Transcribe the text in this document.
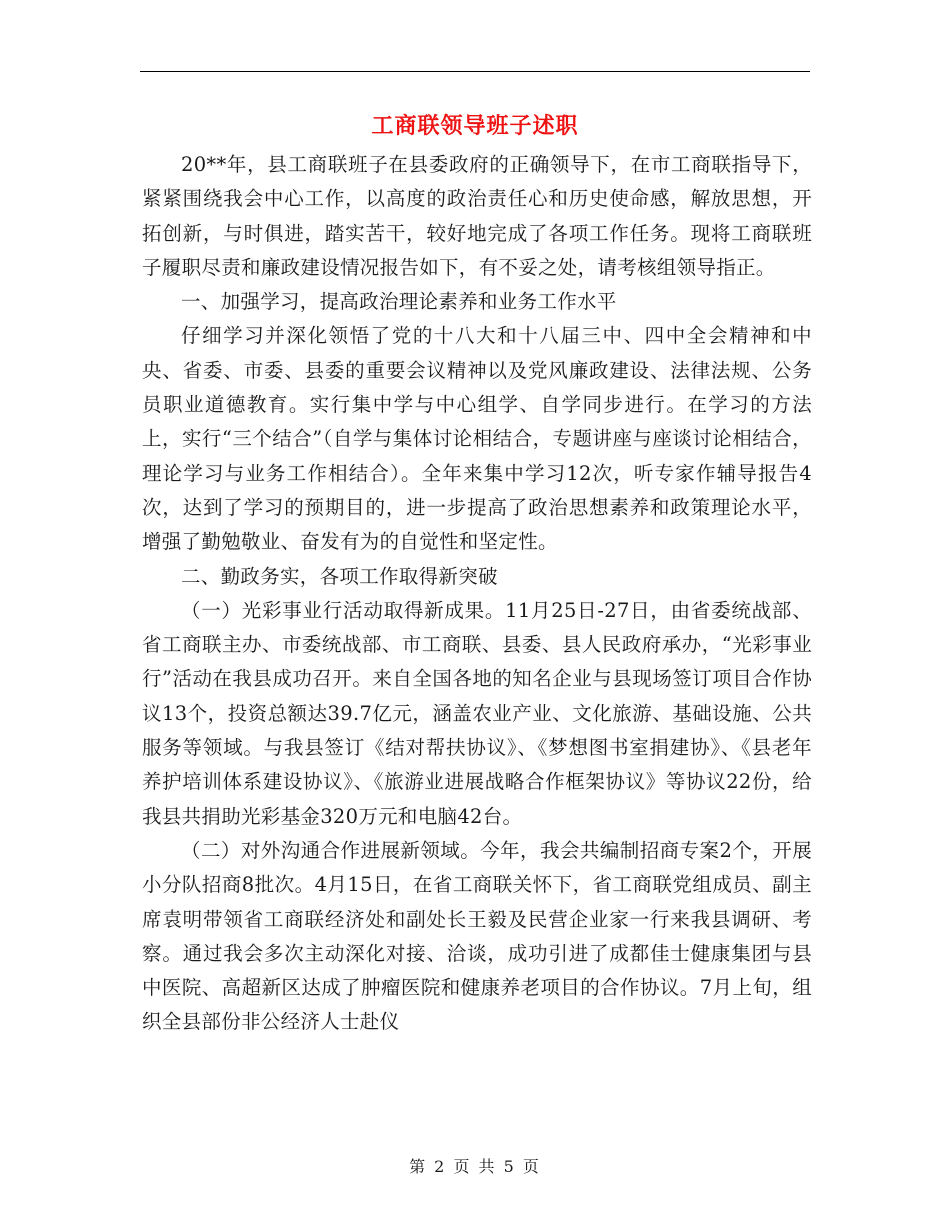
工商联领导班子述职

20**年，县工商联班子在县委政府的正确领导下，在市工商联指导下，紧紧围绕我会中心工作，以高度的政治责任心和历史使命感，解放思想，开拓创新，与时俱进，踏实苦干，较好地完成了各项工作任务。现将工商联班子履职尽责和廉政建设情况报告如下，有不妥之处，请考核组领导指正。

一、加强学习，提高政治理论素养和业务工作水平

仔细学习并深化领悟了党的十八大和十八届三中、四中全会精神和中央、省委、市委、县委的重要会议精神以及党风廉政建设、法律法规、公务员职业道德教育。实行集中学与中心组学、自学同步进行。在学习的方法上，实行“三个结合”（自学与集体讨论相结合，专题讲座与座谈讨论相结合，理论学习与业务工作相结合）。全年来集中学习12次，听专家作辅导报告4次，达到了学习的预期目的，进一步提高了政治思想素养和政策理论水平，增强了勤勉敬业、奋发有为的自觉性和坚定性。

二、勤政务实，各项工作取得新突破

（一）光彩事业行活动取得新成果。11月25日-27日，由省委统战部、省工商联主办、市委统战部、市工商联、县委、县人民政府承办，“光彩事业行”活动在我县成功召开。来自全国各地的知名企业与县现场签订项目合作协议13个，投资总额达39.7亿元，涵盖农业产业、文化旅游、基础设施、公共服务等领域。与我县签订《结对帮扶协议》、《梦想图书室捐建协》、《县老年养护培训体系建设协议》、《旅游业进展战略合作框架协议》等协议22份，给我县共捐助光彩基金320万元和电脑42台。

（二）对外沟通合作进展新领域。今年，我会共编制招商专案2个，开展小分队招商8批次。4月15日，在省工商联关怀下，省工商联党组成员、副主席袁明带领省工商联经济处和副处长王毅及民营企业家一行来我县调研、考察。通过我会多次主动深化对接、洽谈，成功引进了成都佳士健康集团与县中医院、高超新区达成了肿瘤医院和健康养老项目的合作协议。7月上旬，组织全县部份非公经济人士赴仪

第 2 页 共 5 页
